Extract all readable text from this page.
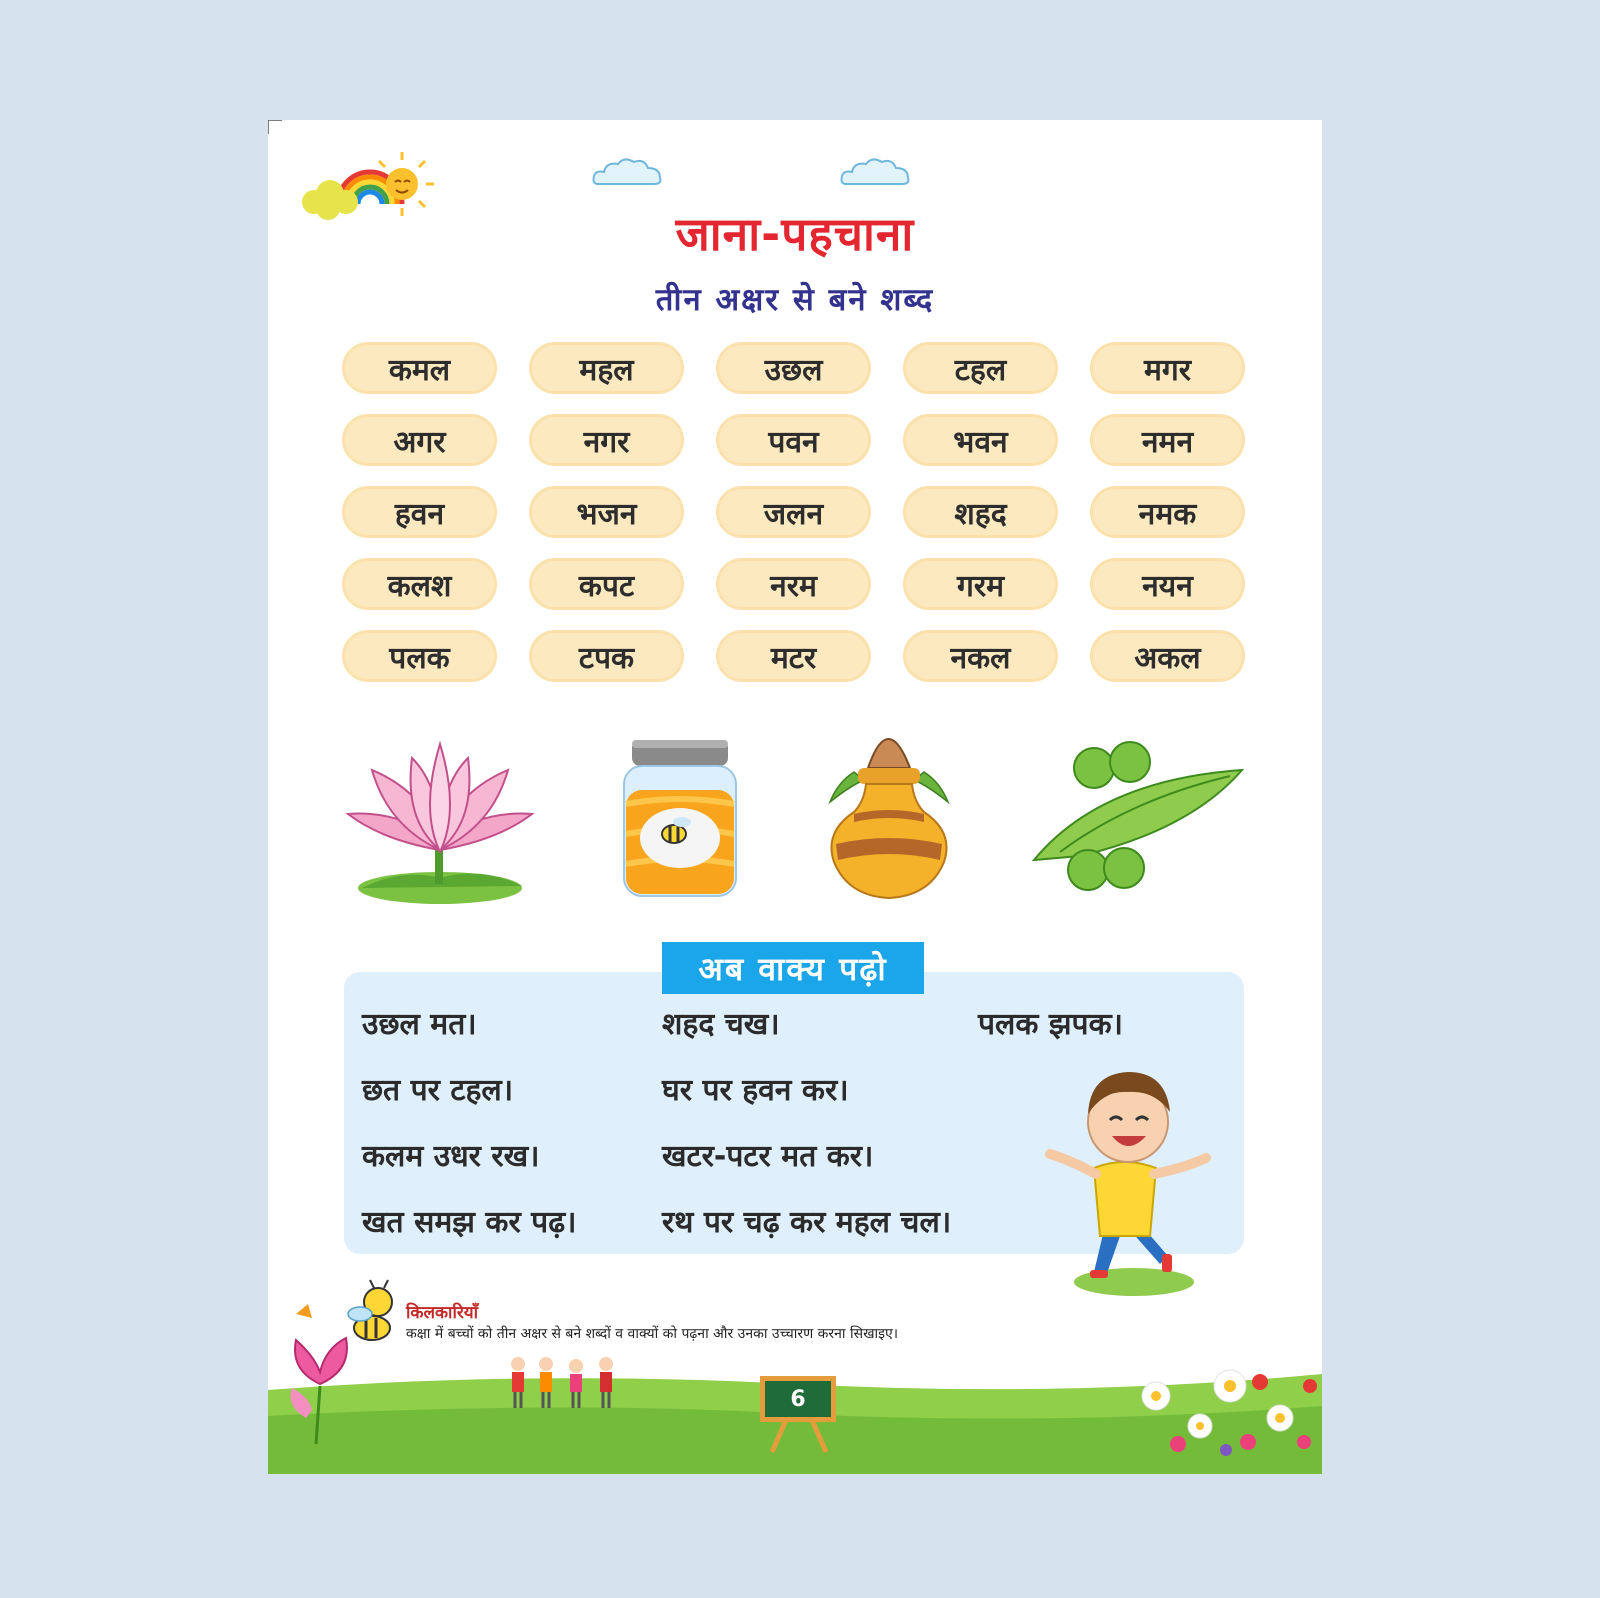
जाना-पहचाना
तीन अक्षर से बने शब्द
कमल	महल	उछल	टहल	मगर
अगर	नगर	पवन	भवन	नमन
हवन	भजन	जलन	शहद	नमक
कलश	कपट	नरम	गरम	नयन
पलक	टपक	मटर	नकल	अकल
अब वाक्य पढ़ो
उछल मत।
छत पर टहल।
कलम उधर रख।
खत समझ कर पढ़।
शहद चख।
घर पर हवन कर।
खटर-पटर मत कर।
रथ पर चढ़ कर महल चल।
पलक झपक।
किलकारियाँ
कक्षा में बच्चों को तीन अक्षर से बने शब्दों व वाक्यों को पढ़ना और उनका उच्चारण करना सिखाइए।
6
